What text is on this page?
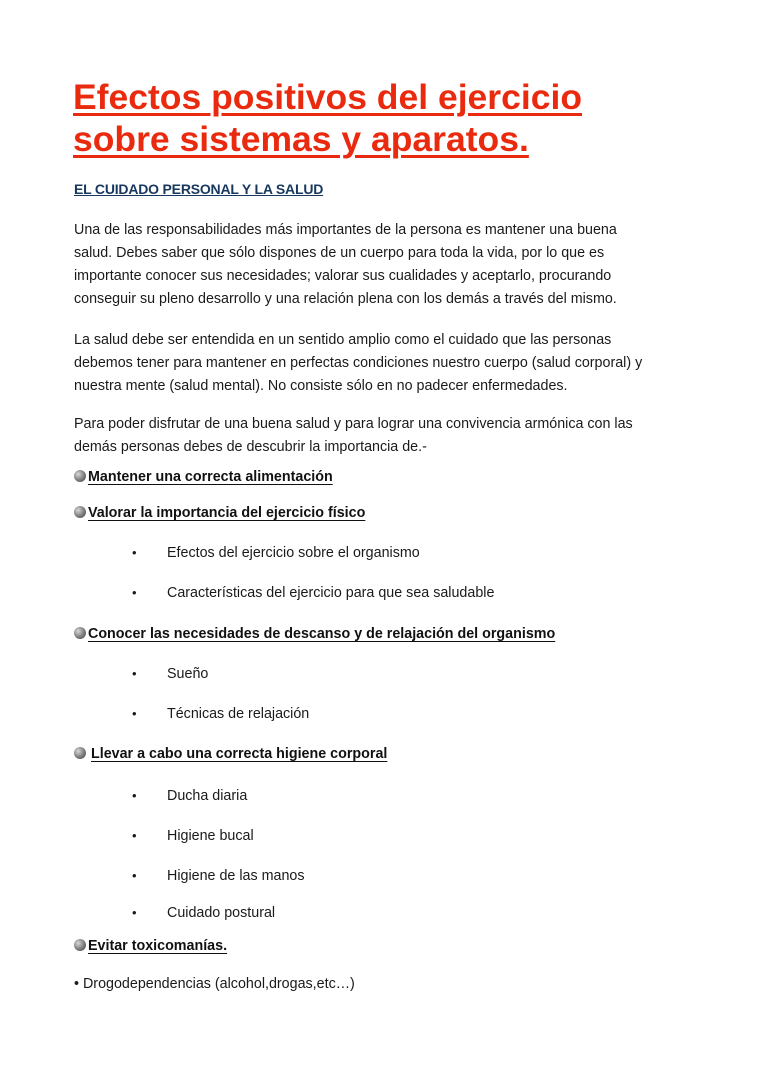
Efectos positivos del ejercicio
sobre sistemas y aparatos.

EL CUIDADO PERSONAL Y LA SALUD

Una de las responsabilidades más importantes de la persona es mantener una buena
salud. Debes saber que sólo dispones de un cuerpo para toda la vida, por lo que es
importante conocer sus necesidades; valorar sus cualidades y aceptarlo, procurando
conseguir su pleno desarrollo y una relación plena con los demás a través del mismo.

La salud debe ser entendida en un sentido amplio como el cuidado que las personas
debemos tener para mantener en perfectas condiciones nuestro cuerpo (salud corporal) y
nuestra mente (salud mental). No consiste sólo en no padecer enfermedades.

Para poder disfrutar de una buena salud y para lograr una convivencia armónica con las
demás personas debes de descubrir la importancia de.-

Mantener una correcta alimentación

Valorar la importancia del ejercicio físico

• Efectos del ejercicio sobre el organismo

• Características del ejercicio para que sea saludable

Conocer las necesidades de descanso y de relajación del organismo

• Sueño

• Técnicas de relajación

Llevar a cabo una correcta higiene corporal

• Ducha diaria

• Higiene bucal

• Higiene de las manos

• Cuidado postural

Evitar toxicomanías.

• Drogodependencias (alcohol,drogas,etc…)
